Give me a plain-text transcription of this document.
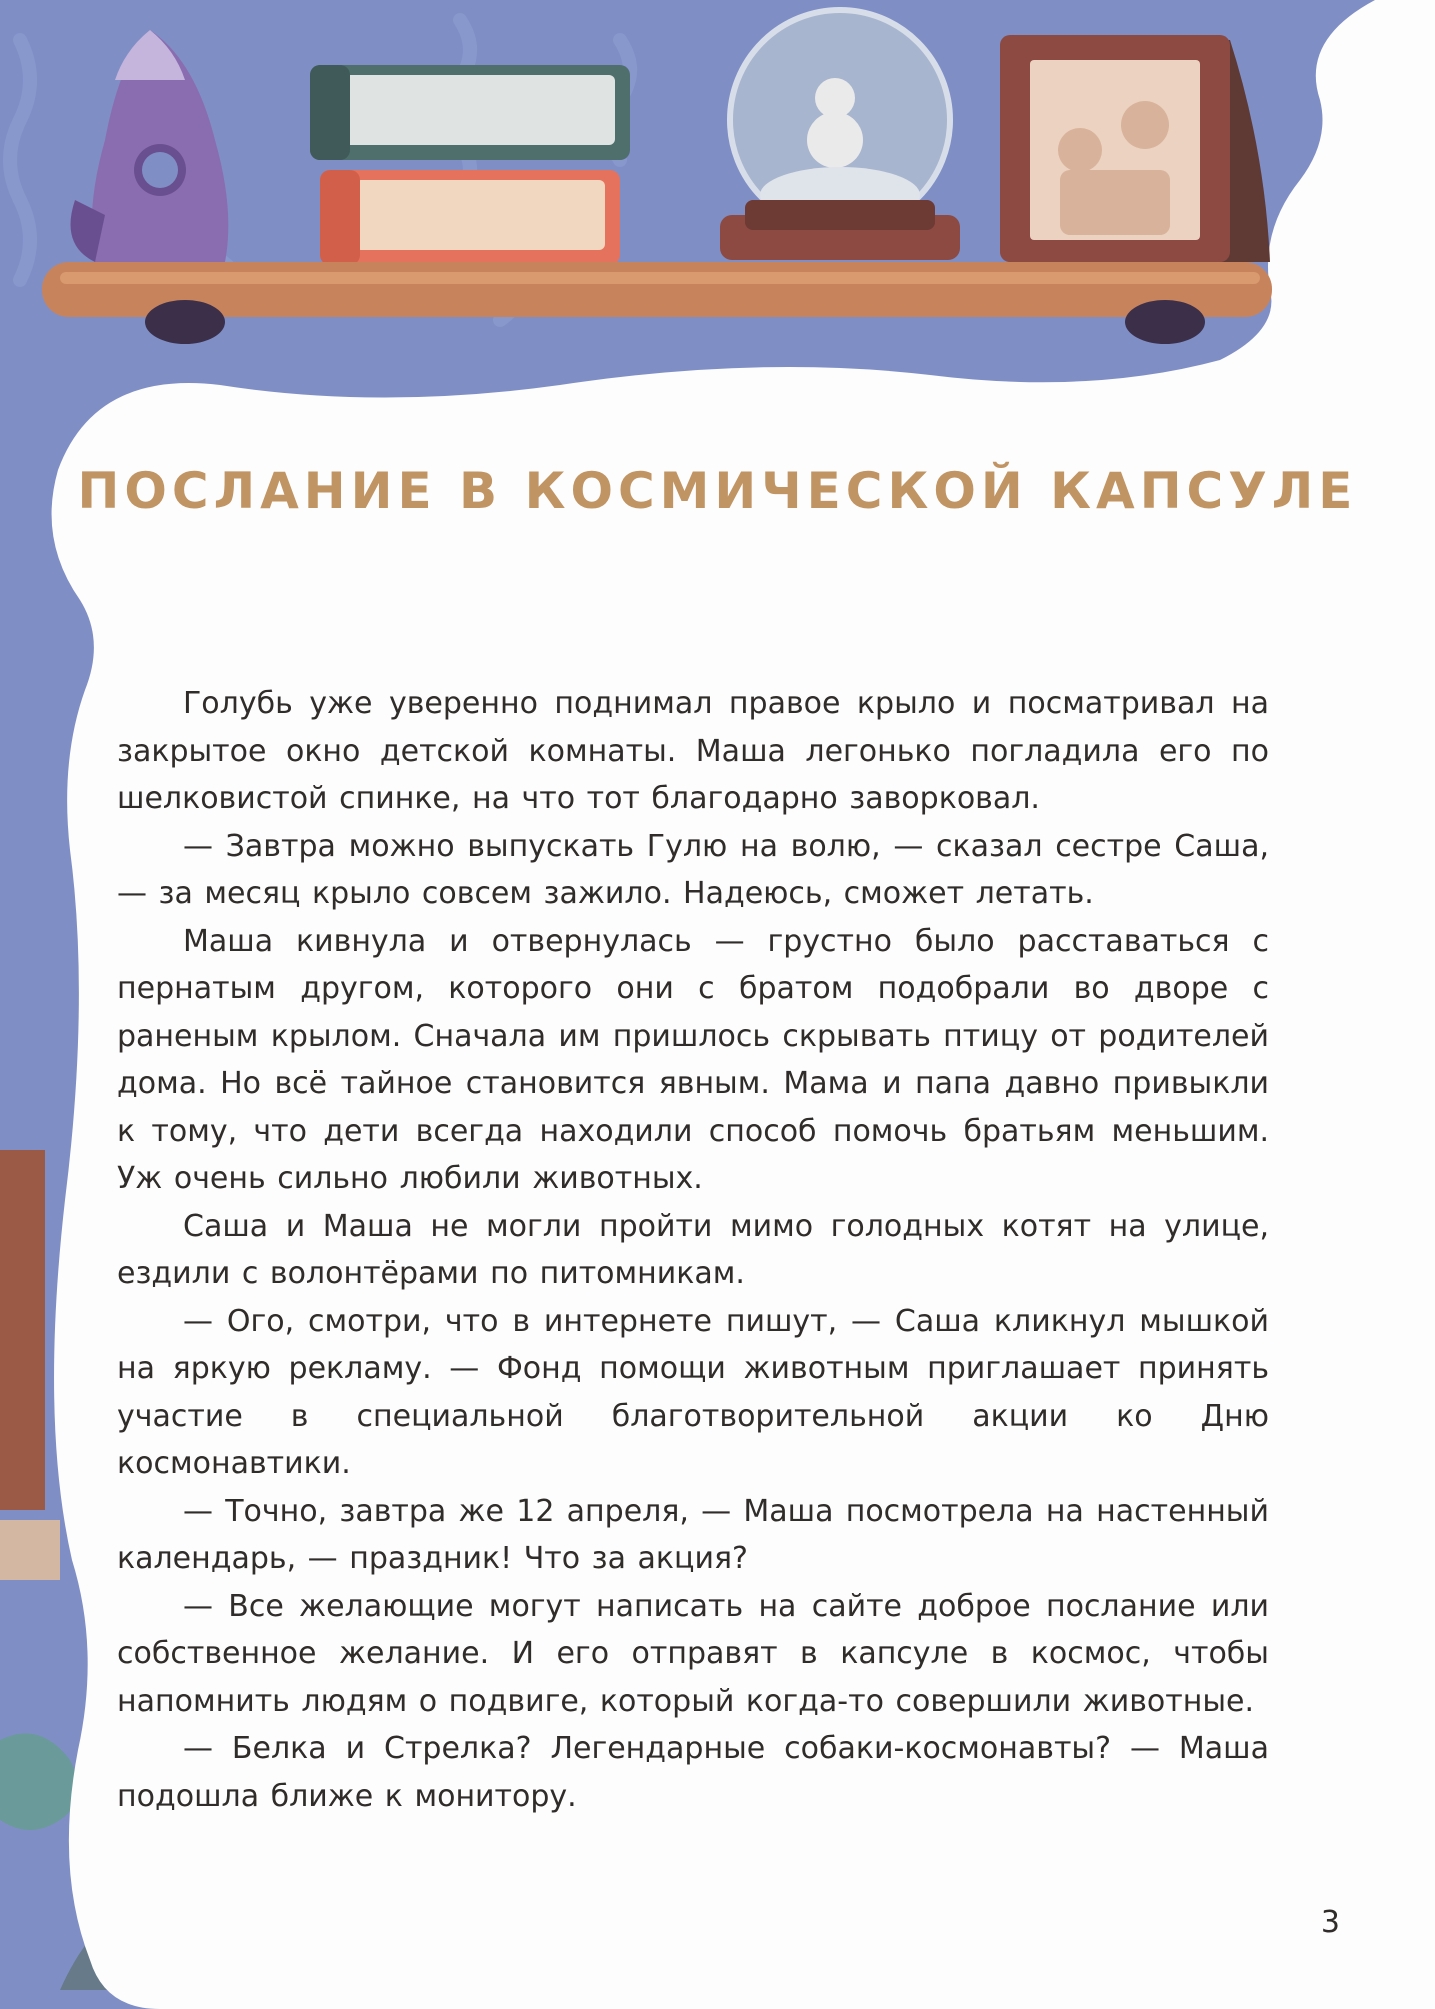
ПОСЛАНИЕ В КОСМИЧЕСКОЙ КАПСУЛЕ

Голубь уже уверенно поднимал правое крыло и посматривал на закрытое окно детской комнаты. Маша легонько погладила его по шелковистой спинке, на что тот благодарно заворковал.

— Завтра можно выпускать Гулю на волю, — сказал сестре Саша, — за месяц крыло совсем зажило. Надеюсь, сможет летать.

Маша кивнула и отвернулась — грустно было расставаться с пернатым другом, которого они с братом подобрали во дворе с раненым крылом. Сначала им пришлось скрывать птицу от родителей дома. Но всё тайное становится явным. Мама и папа давно привыкли к тому, что дети всегда находили способ помочь братьям меньшим. Уж очень сильно любили животных.

Саша и Маша не могли пройти мимо голодных котят на улице, ездили с волонтёрами по питомникам.

— Ого, смотри, что в интернете пишут, — Саша кликнул мышкой на яркую рекламу. — Фонд помощи животным приглашает принять участие в специальной благотворительной акции ко Дню космонавтики.

— Точно, завтра же 12 апреля, — Маша посмотрела на настенный календарь, — праздник! Что за акция?

— Все желающие могут написать на сайте доброе послание или собственное желание. И его отправят в капсуле в космос, чтобы напомнить людям о подвиге, который когда-то совершили животные.

— Белка и Стрелка? Легендарные собаки-космонавты? — Маша подошла ближе к монитору.

3
